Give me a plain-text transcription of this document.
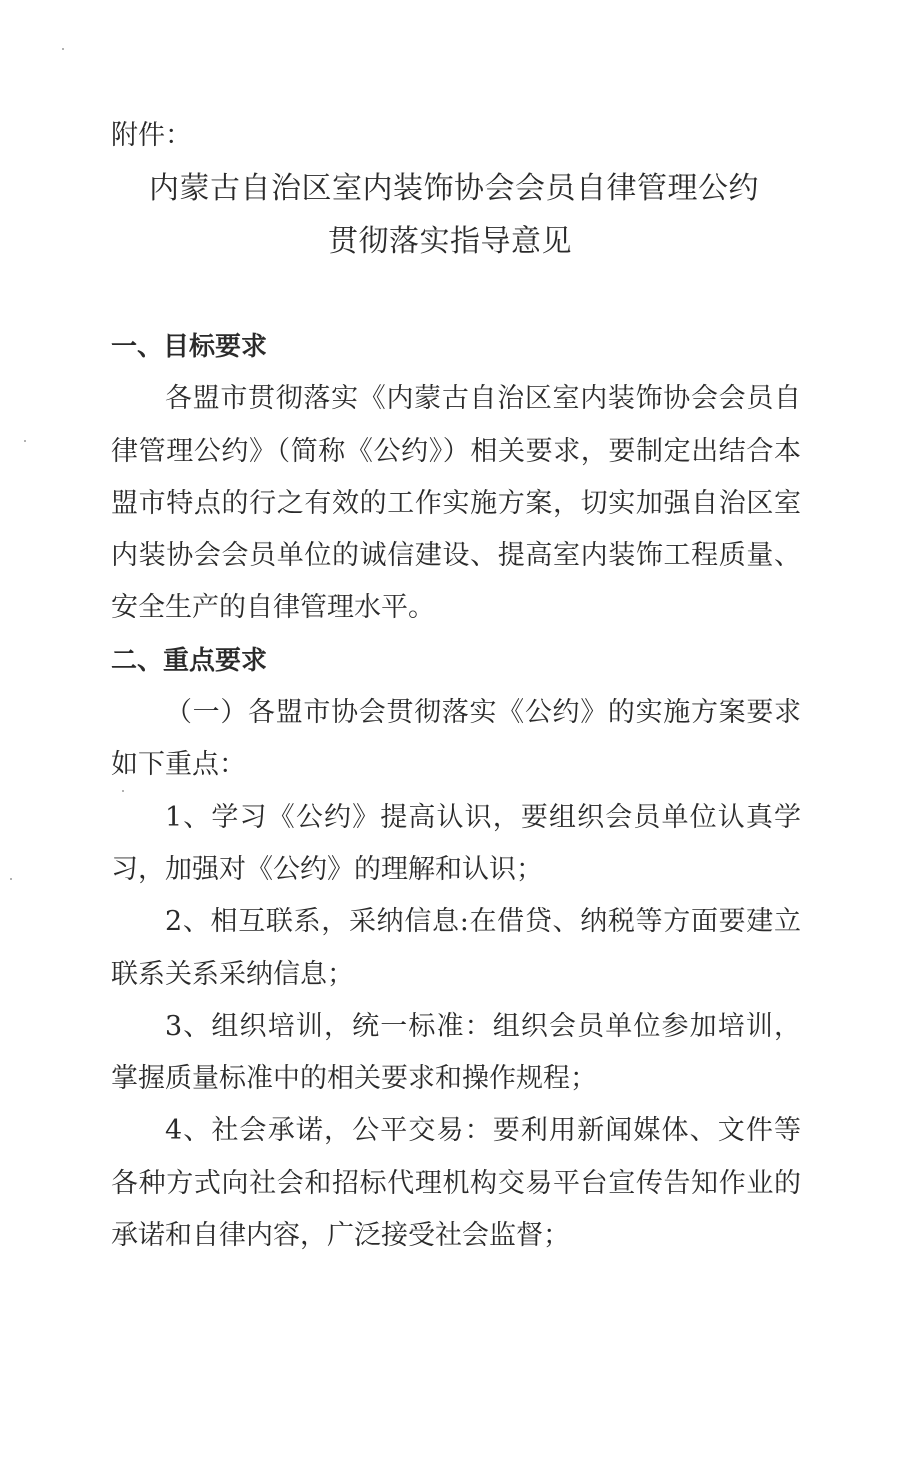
附件：
内蒙古自治区室内装饰协会会员自律管理公约
贯彻落实指导意见

一、目标要求

各盟市贯彻落实《内蒙古自治区室内装饰协会会员自律管理公约》（简称《公约》）相关要求，要制定出结合本盟市特点的行之有效的工作实施方案，切实加强自治区室内装协会会员单位的诚信建设、提高室内装饰工程质量、安全生产的自律管理水平。

二、重点要求

（一）各盟市协会贯彻落实《公约》的实施方案要求如下重点：

1、学习《公约》提高认识，要组织会员单位认真学习，加强对《公约》的理解和认识；

2、相互联系，采纳信息:在借贷、纳税等方面要建立联系关系采纳信息；

3、组织培训，统一标准：组织会员单位参加培训，掌握质量标准中的相关要求和操作规程；

4、社会承诺，公平交易：要利用新闻媒体、文件等各种方式向社会和招标代理机构交易平台宣传告知作业的承诺和自律内容，广泛接受社会监督；
